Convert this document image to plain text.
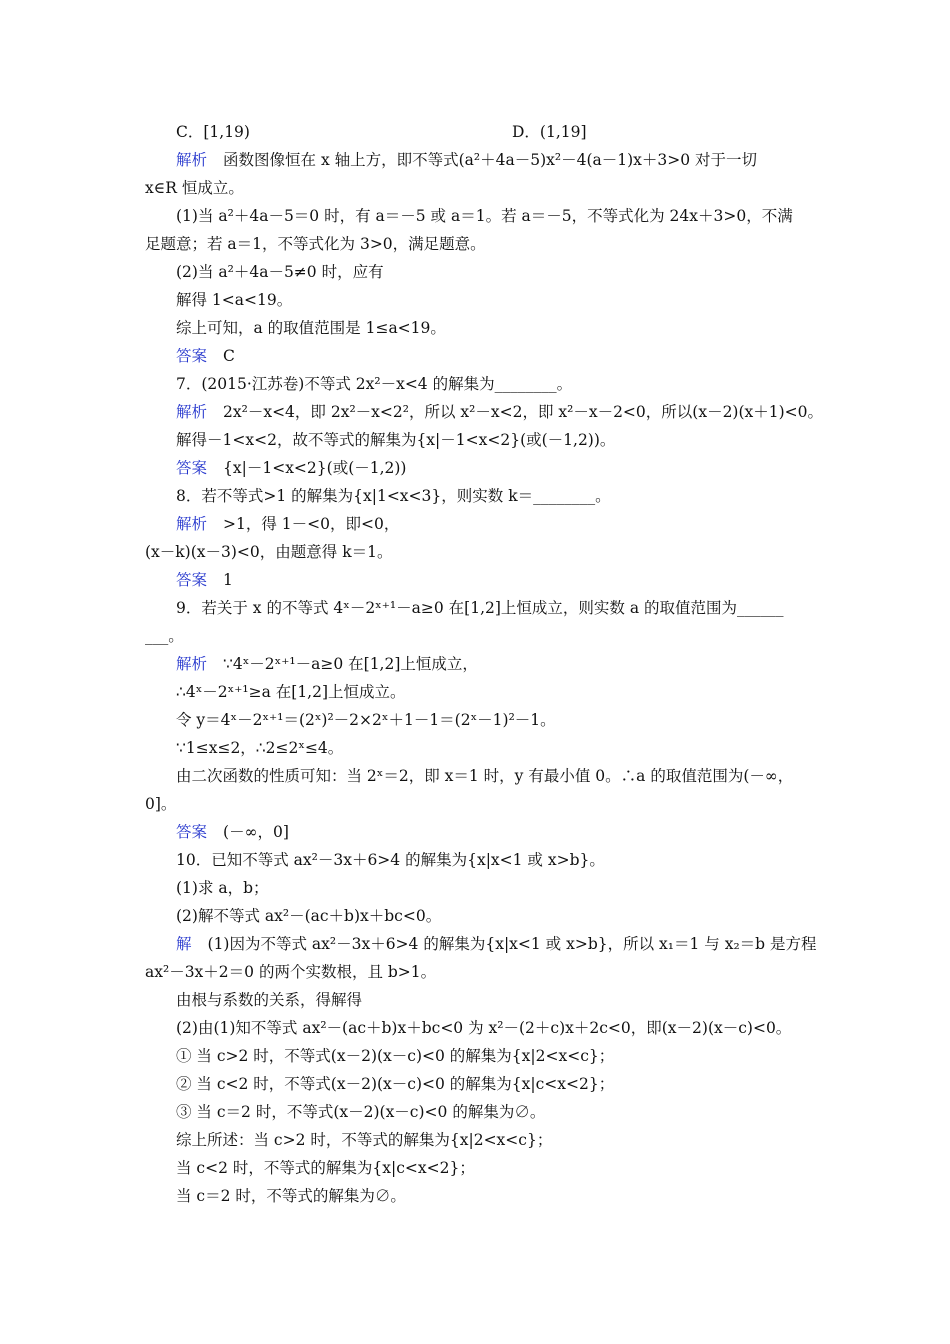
C．[1,19)	D．(1,19]
解析 函数图像恒在 x 轴上方，即不等式(a²＋4a－5)x²－4(a－1)x＋3>0 对于一切
x∈R 恒成立。
(1)当 a²＋4a－5＝0 时，有 a＝－5 或 a＝1。若 a＝－5，不等式化为 24x＋3>0，不满
足题意；若 a＝1，不等式化为 3>0，满足题意。
(2)当 a²＋4a－5≠0 时，应有
解得 1<a<19。
综上可知，a 的取值范围是 1≤a<19。
答案 C
7．(2015·江苏卷)不等式 2x²－x<4 的解集为________。
解析 2x²－x<4，即 2x²－x<2²，所以 x²－x<2，即 x²－x－2<0，所以(x－2)(x＋1)<0。
解得－1<x<2，故不等式的解集为{x|－1<x<2}(或(－1,2))。
答案 {x|－1<x<2}(或(－1,2))
8．若不等式>1 的解集为{x|1<x<3}，则实数 k＝________。
解析 >1，得 1－<0，即<0，
(x－k)(x－3)<0，由题意得 k＝1。
答案 1
9．若关于 x 的不等式 4ˣ－2ˣ⁺¹－a≥0 在[1,2]上恒成立，则实数 a 的取值范围为______
___。
解析 ∵4ˣ－2ˣ⁺¹－a≥0 在[1,2]上恒成立，
∴4ˣ－2ˣ⁺¹≥a 在[1,2]上恒成立。
令 y＝4ˣ－2ˣ⁺¹＝(2ˣ)²－2×2ˣ＋1－1＝(2ˣ－1)²－1。
∵1≤x≤2，∴2≤2ˣ≤4。
由二次函数的性质可知：当 2ˣ＝2，即 x＝1 时，y 有最小值 0。∴a 的取值范围为(－∞，
0]。
答案 (－∞，0]
10．已知不等式 ax²－3x＋6>4 的解集为{x|x<1 或 x>b}。
(1)求 a，b；
(2)解不等式 ax²－(ac＋b)x＋bc<0。
解 (1)因为不等式 ax²－3x＋6>4 的解集为{x|x<1 或 x>b}，所以 x₁＝1 与 x₂＝b 是方程
ax²－3x＋2＝0 的两个实数根，且 b>1。
由根与系数的关系，得解得
(2)由(1)知不等式 ax²－(ac＋b)x＋bc<0 为 x²－(2＋c)x＋2c<0，即(x－2)(x－c)<0。
① 当 c>2 时，不等式(x－2)(x－c)<0 的解集为{x|2<x<c}；
② 当 c<2 时，不等式(x－2)(x－c)<0 的解集为{x|c<x<2}；
③ 当 c＝2 时，不等式(x－2)(x－c)<0 的解集为∅。
综上所述：当 c>2 时，不等式的解集为{x|2<x<c}；
当 c<2 时，不等式的解集为{x|c<x<2}；
当 c＝2 时，不等式的解集为∅。
